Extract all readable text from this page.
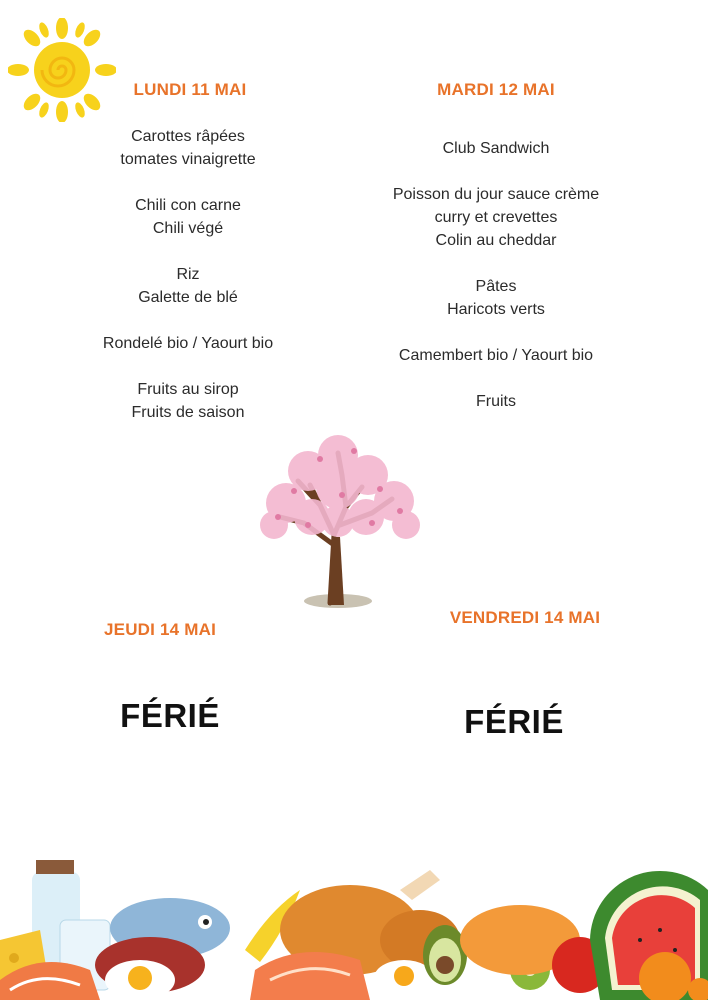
LUNDI 11 MAI
Carottes râpées
tomates vinaigrette
Chili con carne
Chili végé
Riz
Galette de blé
Rondelé bio / Yaourt bio
Fruits au sirop
Fruits de saison
MARDI 12 MAI
Club Sandwich
Poisson du jour sauce crème
curry et crevettes
Colin au cheddar
Pâtes
Haricots verts
Camembert bio / Yaourt bio
Fruits
JEUDI 14 MAI
FÉRIÉ
VENDREDI 14 MAI
FÉRIÉ
